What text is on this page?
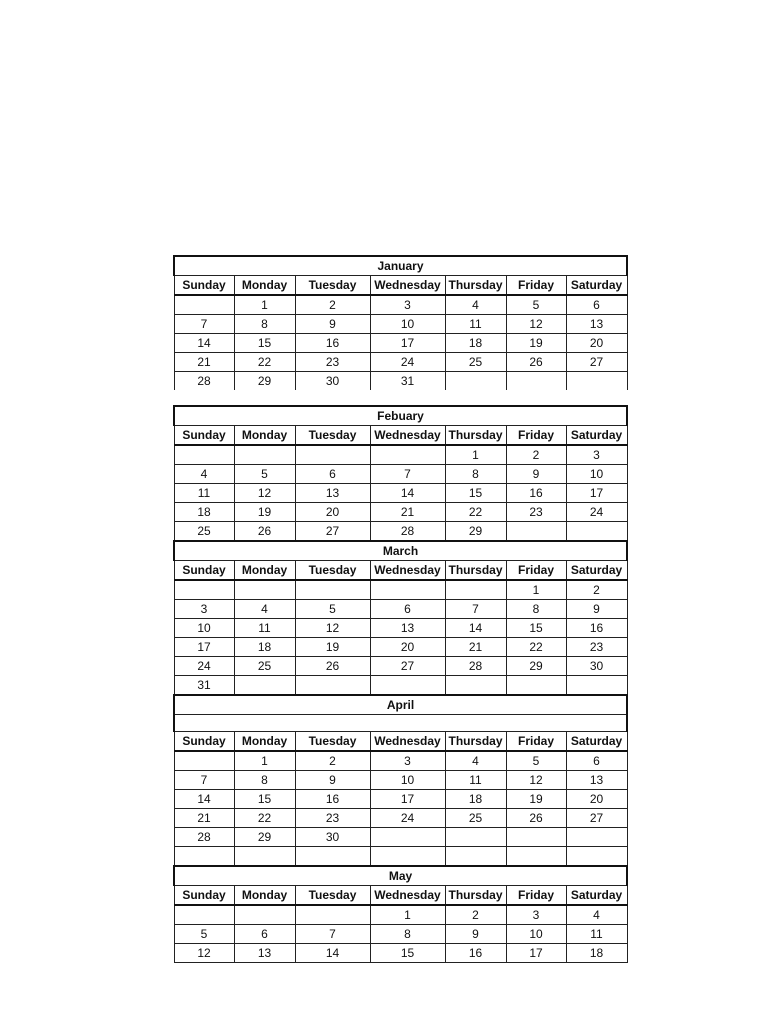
January						
Sunday	Monday	Tuesday	Wednesday	Thursday	Friday	Saturday
	1	2	3	4	5	6
7	8	9	10	11	12	13
14	15	16	17	18	19	20
21	22	23	24	25	26	27
28	29	30	31			
Febuary						
Sunday	Monday	Tuesday	Wednesday	Thursday	Friday	Saturday
				1	2	3
4	5	6	7	8	9	10
11	12	13	14	15	16	17
18	19	20	21	22	23	24
25	26	27	28	29		
March						
Sunday	Monday	Tuesday	Wednesday	Thursday	Friday	Saturday
					1	2
3	4	5	6	7	8	9
10	11	12	13	14	15	16
17	18	19	20	21	22	23
24	25	26	27	28	29	30
31						
April						

Sunday	Monday	Tuesday	Wednesday	Thursday	Friday	Saturday
	1	2	3	4	5	6
7	8	9	10	11	12	13
14	15	16	17	18	19	20
21	22	23	24	25	26	27
28	29	30				

May						
Sunday	Monday	Tuesday	Wednesday	Thursday	Friday	Saturday
			1	2	3	4
5	6	7	8	9	10	11
12	13	14	15	16	17	18
